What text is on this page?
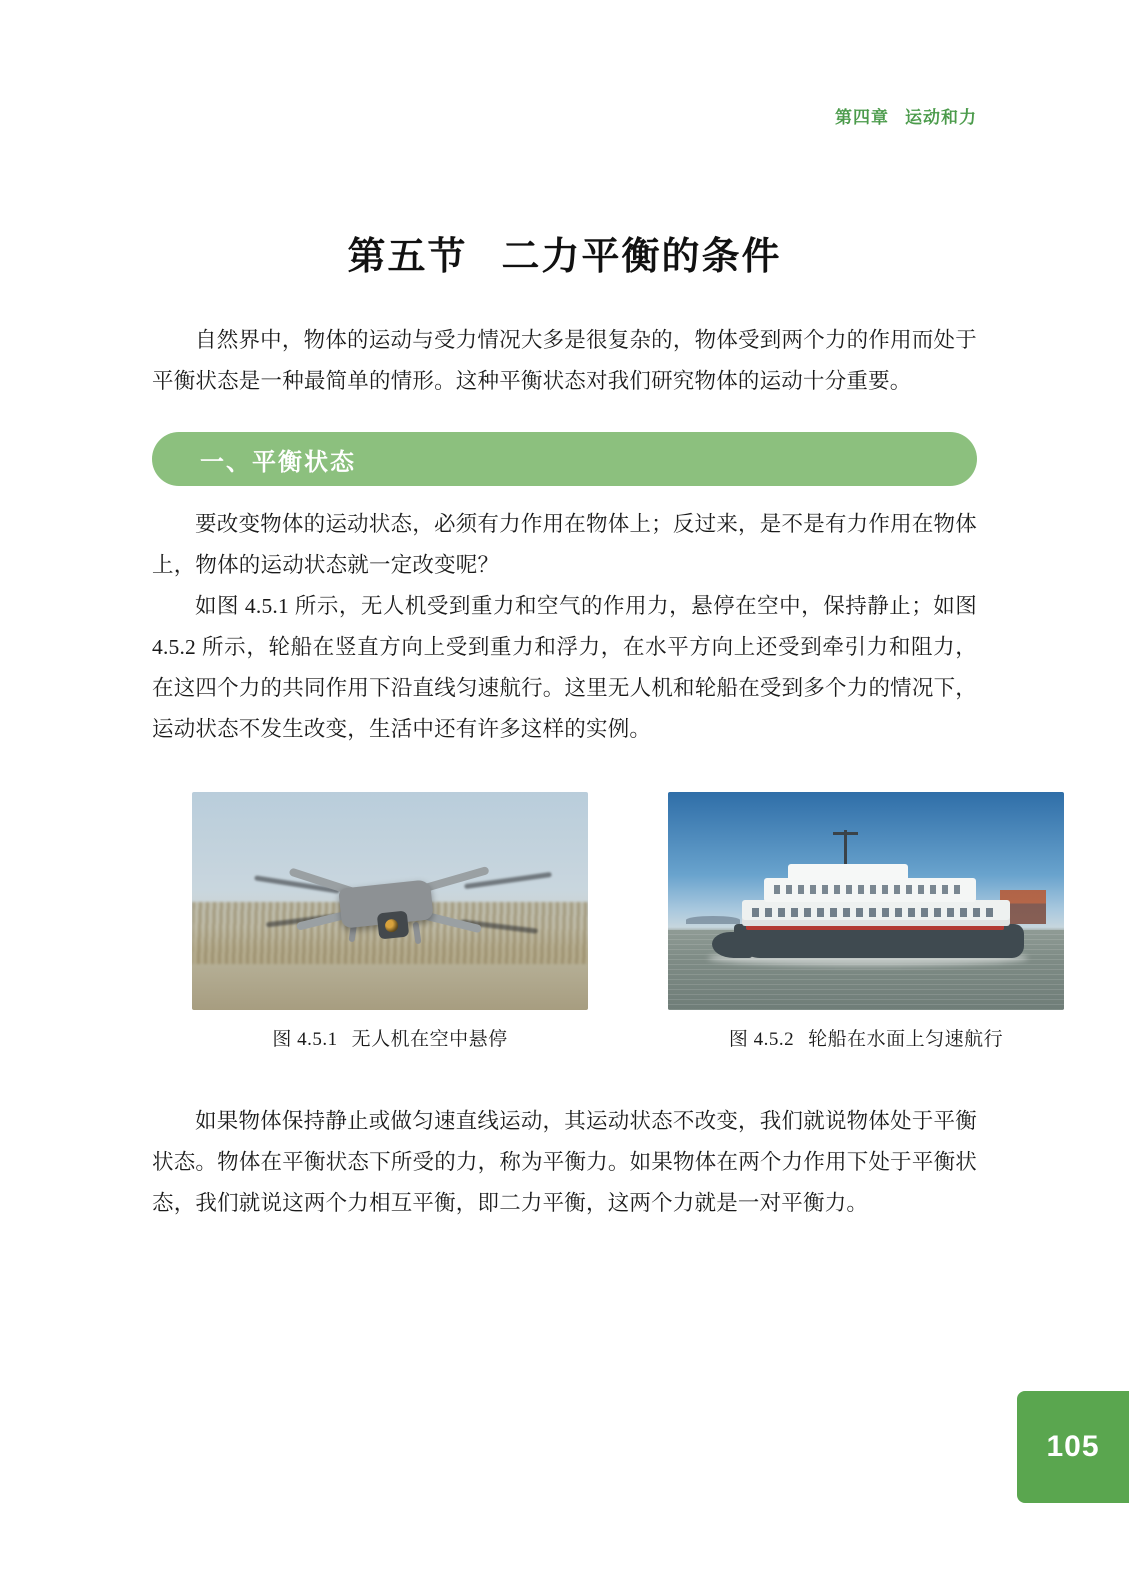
第四章 运动和力
第五节 二力平衡的条件

自然界中，物体的运动与受力情况大多是很复杂的，物体受到两个力的作用而处于平衡状态是一种最简单的情形。这种平衡状态对我们研究物体的运动十分重要。

一、平衡状态

要改变物体的运动状态，必须有力作用在物体上；反过来，是不是有力作用在物体上，物体的运动状态就一定改变呢？

如图 4.5.1 所示，无人机受到重力和空气的作用力，悬停在空中，保持静止；如图 4.5.2 所示，轮船在竖直方向上受到重力和浮力，在水平方向上还受到牵引力和阻力，在这四个力的共同作用下沿直线匀速航行。这里无人机和轮船在受到多个力的情况下，运动状态不发生改变，生活中还有许多这样的实例。

图 4.5.1 无人机在空中悬停	图 4.5.2 轮船在水面上匀速航行

如果物体保持静止或做匀速直线运动，其运动状态不改变，我们就说物体处于平衡状态。物体在平衡状态下所受的力，称为平衡力。如果物体在两个力作用下处于平衡状态，我们就说这两个力相互平衡，即二力平衡，这两个力就是一对平衡力。

105
